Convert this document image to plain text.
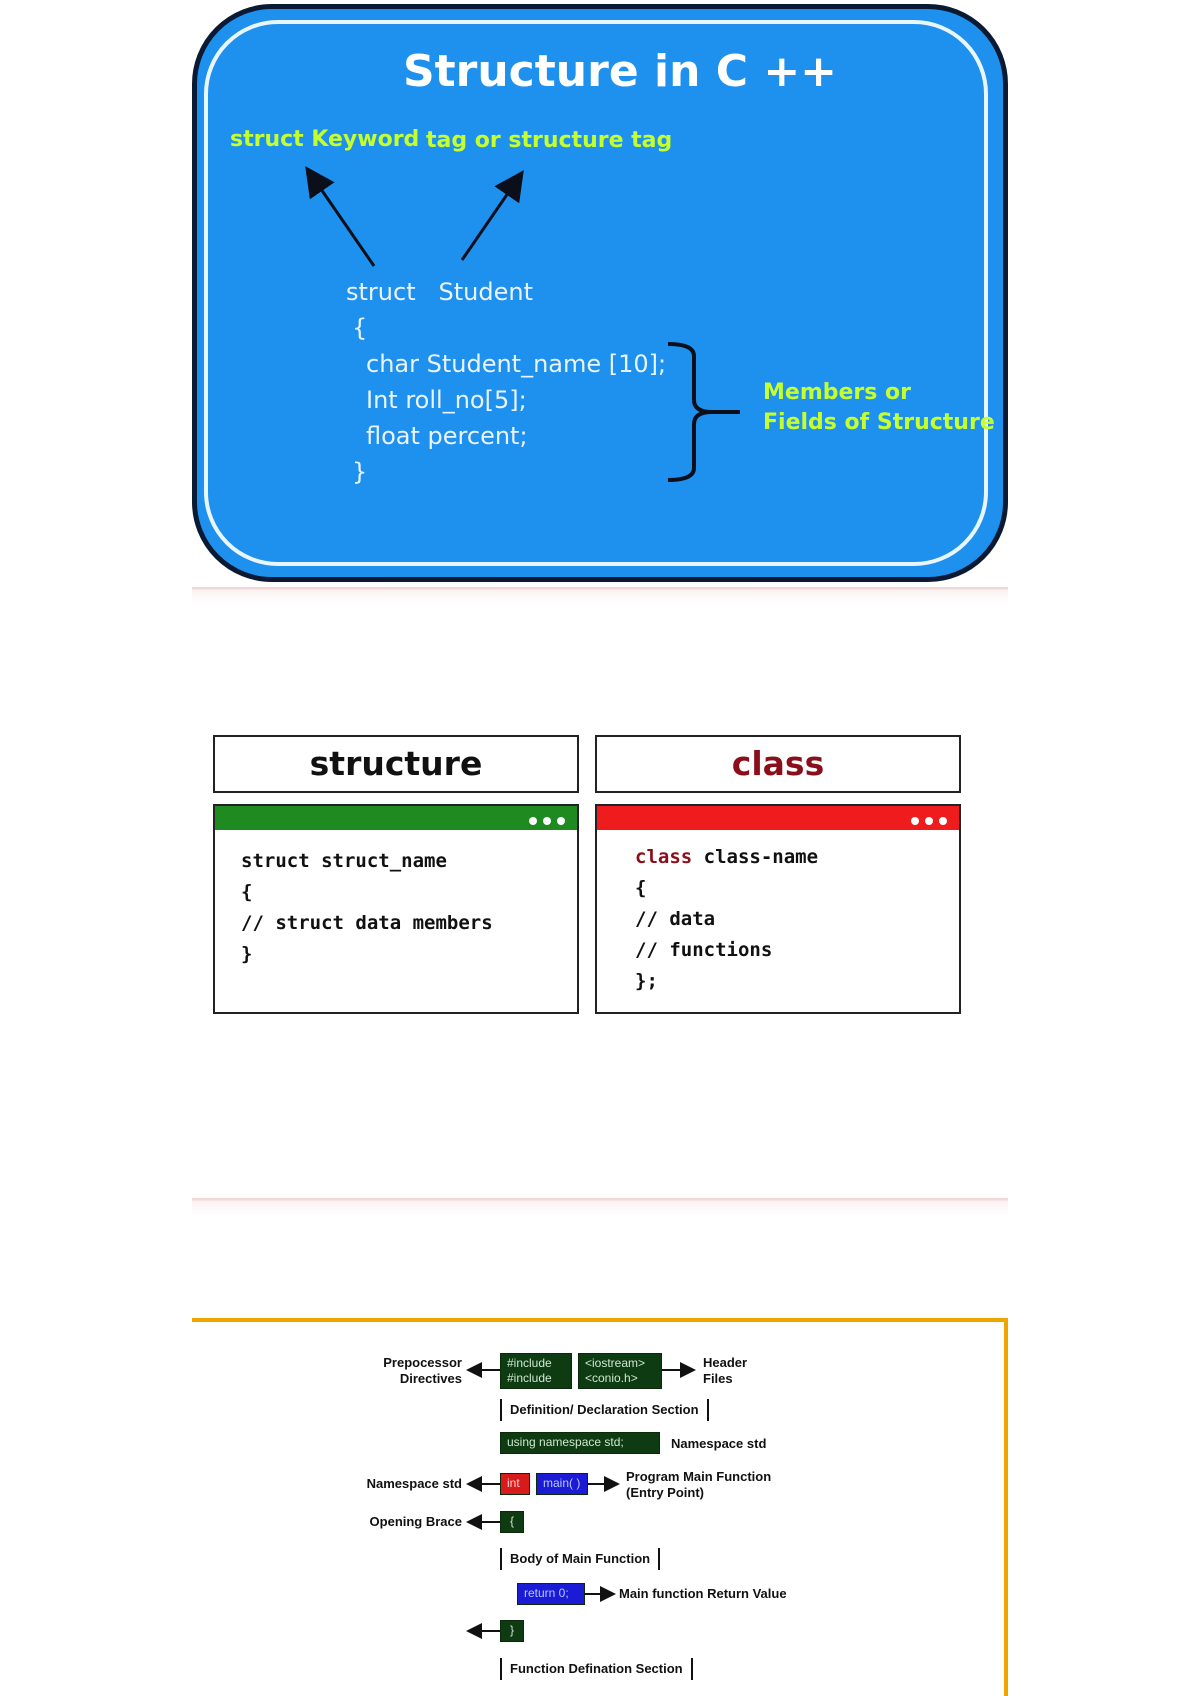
Structure in C ++
struct Keyword tag or structure tag
struct Student
{
char Student_name [10];
Int roll_no[5];
float percent;
}
Members or
Fields of Structure
structure	class
struct struct_name
{
// struct data members
}
class class-name
{
// data
// functions
};
Prepocessor
Directives
#include
#include
<iostream>
<conio.h>
Header
Files
Definition/ Declaration Section
using namespace std;	Namespace std
Namespace std	int	main( )	Program Main Function
(Entry Point)
Opening Brace	{
Body of Main Function
return 0;	Main function Return Value
}
Function Defination Section
